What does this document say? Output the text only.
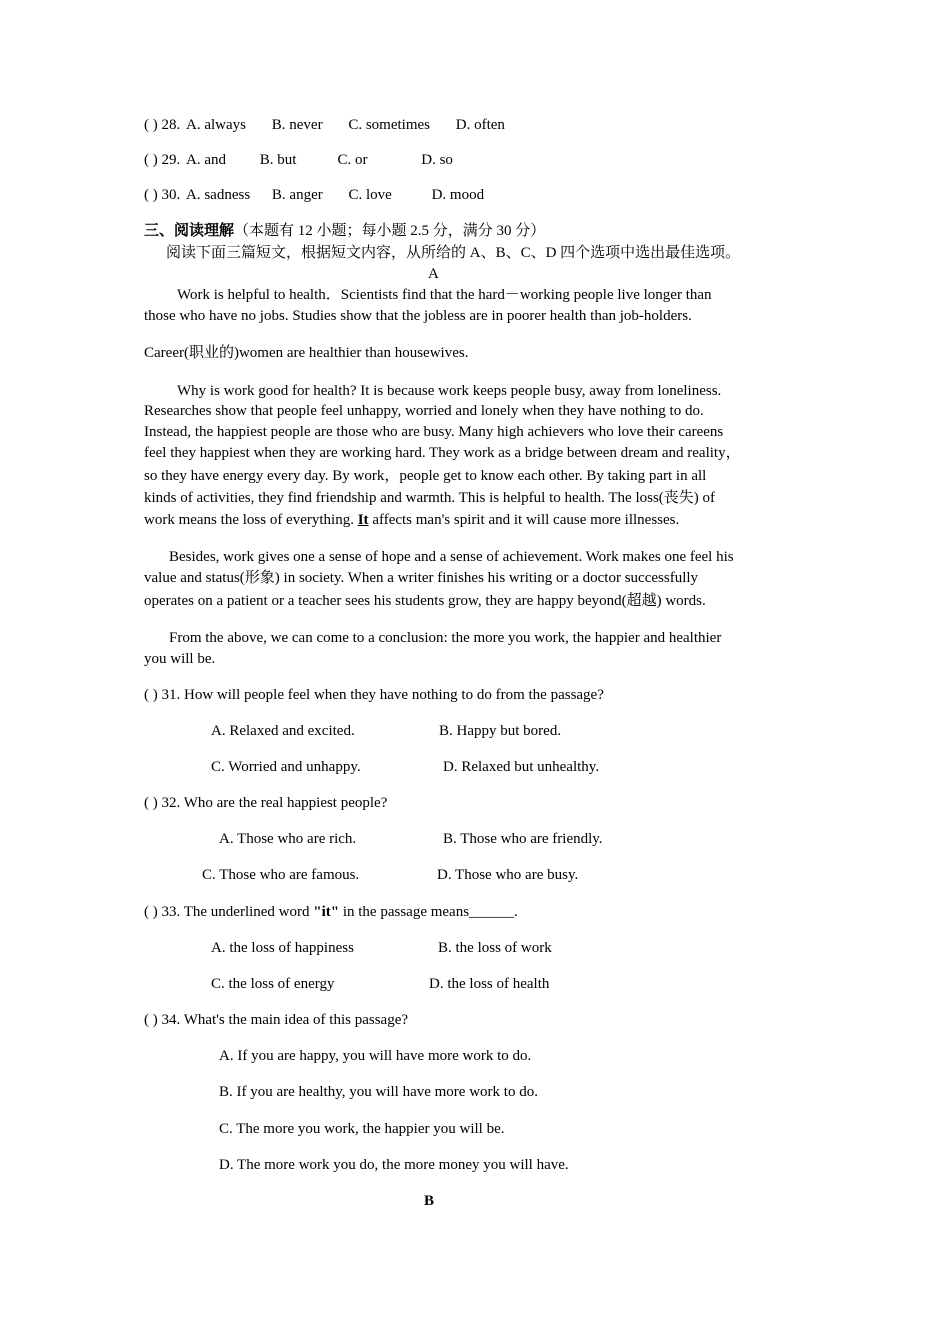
( ) 28. A. always B. never C. sometimes D. often
( ) 29. A. and B. but	C. or	D. so
( ) 30. A. sadness B. anger C. love	D. mood
三、阅读理解（本题有 12 小题；每小题 2.5 分，满分 30 分）
阅读下面三篇短文，根据短文内容，从所给的 A、B、C、D 四个选项中选出最佳选项。
A
Work is helpful to health．Scientists find that the hard－working people live longer than
those who have no jobs. Studies show that the jobless are in poorer health than job-holders.
Career(职业的)women are healthier than housewives.
Why is work good for health? It is because work keeps people busy, away from loneliness.
Researches show that people feel unhappy, worried and lonely when they have nothing to do.
Instead, the happiest people are those who are busy. Many high achievers who love their careens
feel they happiest when they are working hard. They work as a bridge between dream and reality，
so they have energy every day. By work，people get to know each other. By taking part in all
kinds of activities, they find friendship and warmth. This is helpful to health. The loss(丧失) of
work means the loss of everything. It affects man's spirit and it will cause more illnesses.
Besides, work gives one a sense of hope and a sense of achievement. Work makes one feel his
value and status(形象) in society. When a writer finishes his writing or a doctor successfully
operates on a patient or a teacher sees his students grow, they are happy beyond(超越) words.
From the above, we can come to a conclusion: the more you work, the happier and healthier
you will be.
( ) 31. How will people feel when they have nothing to do from the passage?
A. Relaxed and excited.	B. Happy but bored.
C. Worried and unhappy.	D. Relaxed but unhealthy.
( ) 32. Who are the real happiest people?
A. Those who are rich.	B. Those who are friendly.
C. Those who are famous.	D. Those who are busy.
( ) 33. The underlined word "it" in the passage means______.
A. the loss of happiness	B. the loss of work
C. the loss of energy	D. the loss of health
( ) 34. What's the main idea of this passage?
A. If you are happy, you will have more work to do.
B. If you are healthy, you will have more work to do.
C. The more you work, the happier you will be.
D. The more work you do, the more money you will have.
B
